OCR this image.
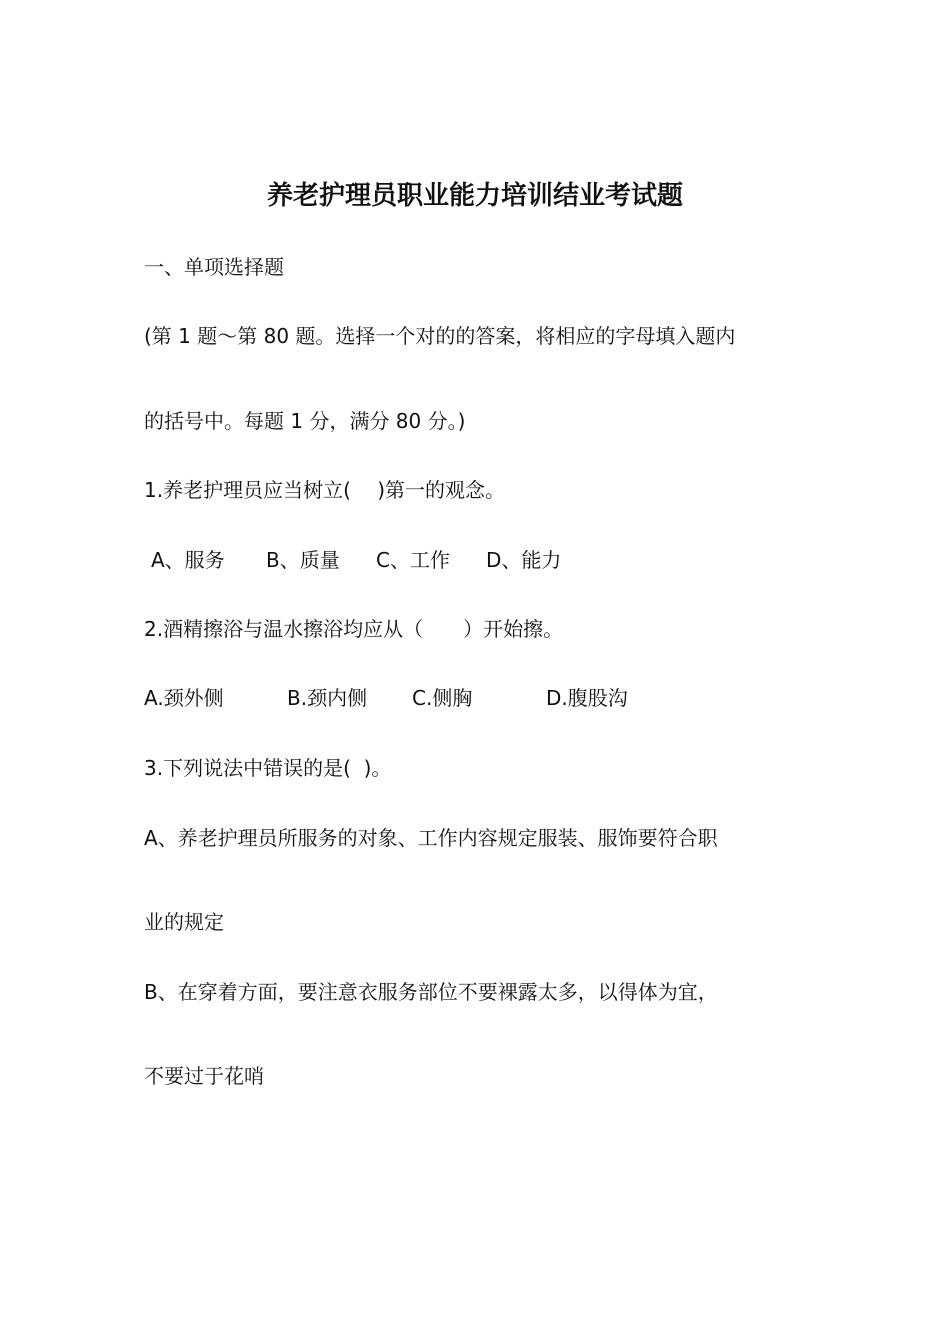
养老护理员职业能力培训结业考试题

一、单项选择题

(第 1 题～第 80 题。选择一个对的的答案，将相应的字母填入题内

的括号中。每题 1 分，满分 80 分。)

1.养老护理员应当树立(　 )第一的观念。

A、服务 B、质量 C、工作 D、能力

2.酒精擦浴与温水擦浴均应从（　　）开始擦。

A.颈外侧	B.颈内侧 C.侧胸	D.腹股沟

3.下列说法中错误的是(  )。

A、养老护理员所服务的对象、工作内容规定服装、服饰要符合职

业的规定

B、在穿着方面，要注意衣服务部位不要裸露太多，以得体为宜，

不要过于花哨
